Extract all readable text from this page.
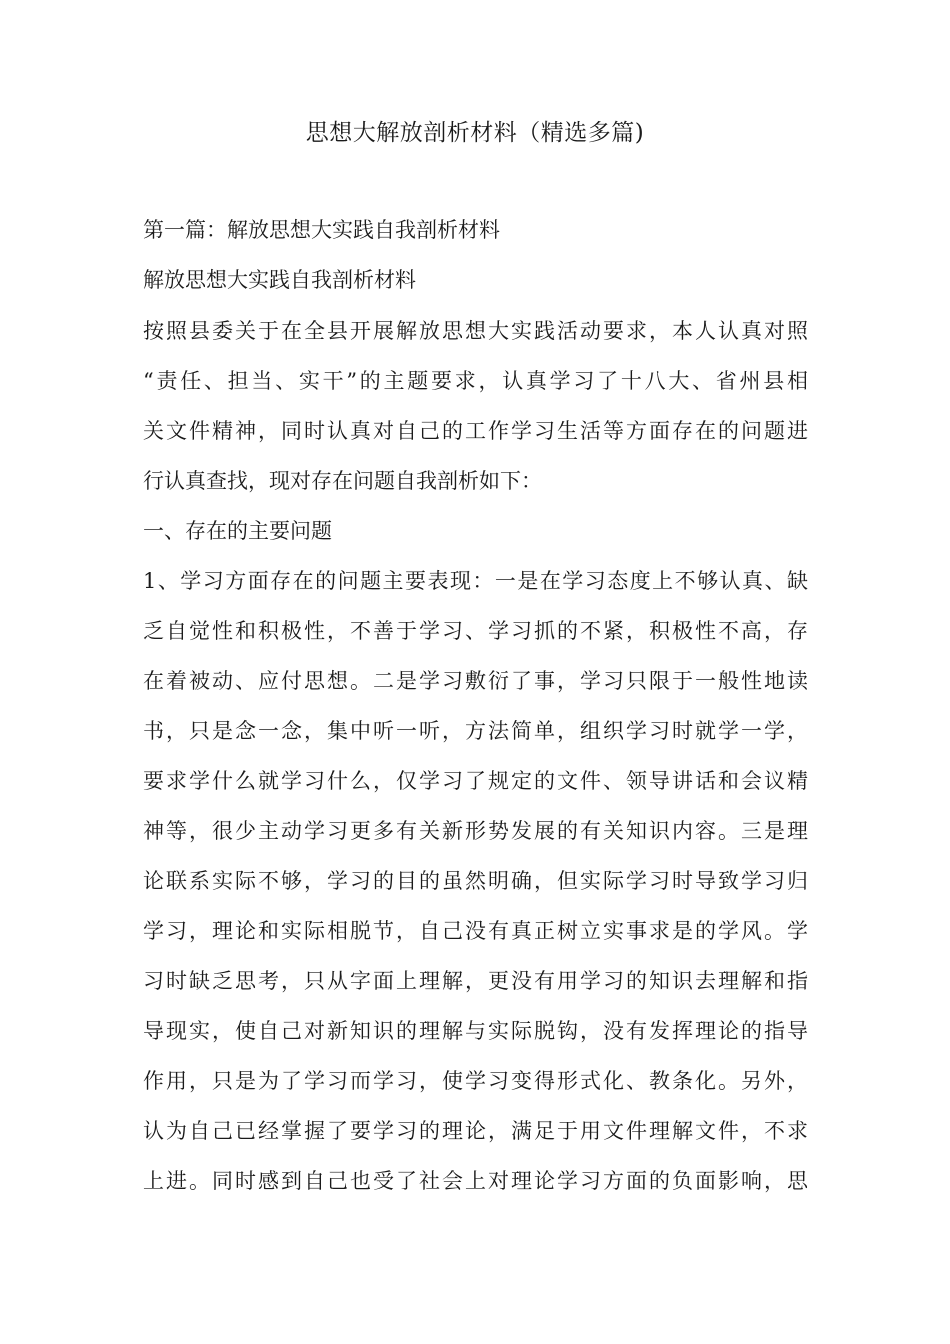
思想大解放剖析材料（精选多篇)
第一篇：解放思想大实践自我剖析材料
解放思想大实践自我剖析材料
按照县委关于在全县开展解放思想大实践活动要求，本人认真对照
“责任、担当、实干”的主题要求，认真学习了十八大、省州县相
关文件精神，同时认真对自己的工作学习生活等方面存在的问题进
行认真查找，现对存在问题自我剖析如下：
一、存在的主要问题
1、学习方面存在的问题主要表现：一是在学习态度上不够认真、缺
乏自觉性和积极性，不善于学习、学习抓的不紧，积极性不高，存
在着被动、应付思想。二是学习敷衍了事，学习只限于一般性地读
书，只是念一念，集中听一听，方法简单，组织学习时就学一学，
要求学什么就学习什么，仅学习了规定的文件、领导讲话和会议精
神等，很少主动学习更多有关新形势发展的有关知识内容。三是理
论联系实际不够，学习的目的虽然明确，但实际学习时导致学习归
学习，理论和实际相脱节，自己没有真正树立实事求是的学风。学
习时缺乏思考，只从字面上理解，更没有用学习的知识去理解和指
导现实，使自己对新知识的理解与实际脱钩，没有发挥理论的指导
作用，只是为了学习而学习，使学习变得形式化、教条化。另外，
认为自己已经掌握了要学习的理论，满足于用文件理解文件，不求
上进。同时感到自己也受了社会上对理论学习方面的负面影响，思
